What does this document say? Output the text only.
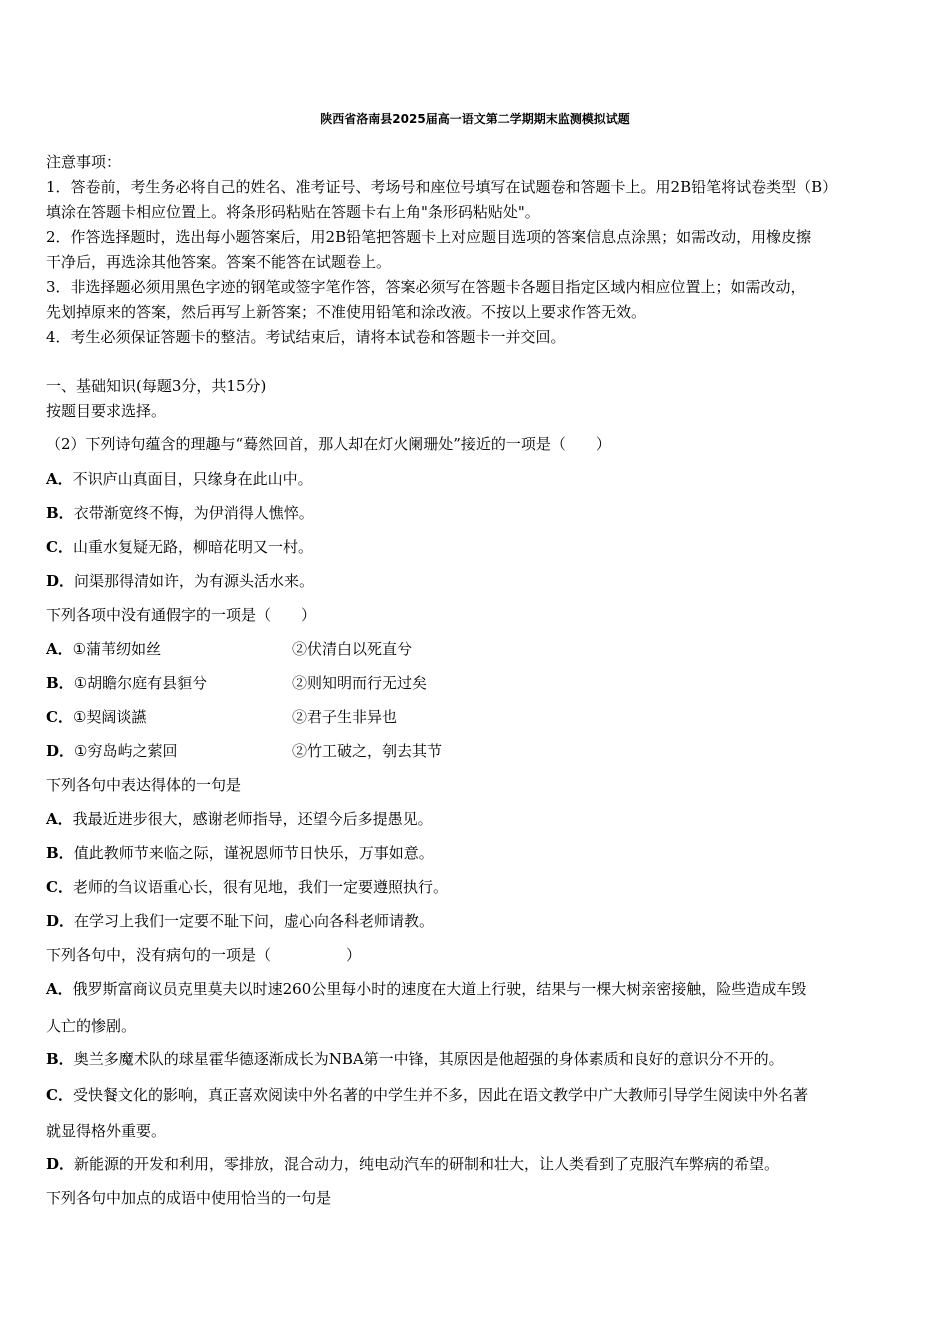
陕西省洛南县2025届高一语文第二学期期末监测模拟试题
注意事项：
1．答卷前，考生务必将自己的姓名、准考证号、考场号和座位号填写在试题卷和答题卡上。用2B铅笔将试卷类型（B）
填涂在答题卡相应位置上。将条形码粘贴在答题卡右上角"条形码粘贴处"。
2．作答选择题时，选出每小题答案后，用2B铅笔把答题卡上对应题目选项的答案信息点涂黑；如需改动，用橡皮擦
干净后，再选涂其他答案。答案不能答在试题卷上。
3．非选择题必须用黑色字迹的钢笔或签字笔作答，答案必须写在答题卡各题目指定区域内相应位置上；如需改动，
先划掉原来的答案，然后再写上新答案；不准使用铅笔和涂改液。不按以上要求作答无效。
4．考生必须保证答题卡的整洁。考试结束后，请将本试卷和答题卡一并交回。
一、基础知识(每题3分，共15分)
按题目要求选择。
（2）下列诗句蕴含的理趣与“蓦然回首，那人却在灯火阑珊处”接近的一项是（　　）
A．不识庐山真面目，只缘身在此山中。
B．衣带渐宽终不悔，为伊消得人憔悴。
C．山重水复疑无路，柳暗花明又一村。
D．问渠那得清如许，为有源头活水来。
下列各项中没有通假字的一项是（　　）
A．①蒲苇纫如丝	②伏清白以死直兮
B．①胡瞻尔庭有县貆兮	②则知明而行无过矣
C．①契阔谈讌	②君子生非异也
D．①穷岛屿之萦回	②竹工破之，刳去其节
下列各句中表达得体的一句是
A．我最近进步很大，感谢老师指导，还望今后多提愚见。
B．值此教师节来临之际，谨祝恩师节日快乐，万事如意。
C．老师的刍议语重心长，很有见地，我们一定要遵照执行。
D．在学习上我们一定要不耻下问，虚心向各科老师请教。
下列各句中，没有病句的一项是（　　　　　）
A．俄罗斯富商议员克里莫夫以时速260公里每小时的速度在大道上行驶，结果与一棵大树亲密接触，险些造成车毁
人亡的惨剧。
B．奥兰多魔术队的球星霍华德逐渐成长为NBA第一中锋，其原因是他超强的身体素质和良好的意识分不开的。
C．受快餐文化的影响，真正喜欢阅读中外名著的中学生并不多，因此在语文教学中广大教师引导学生阅读中外名著
就显得格外重要。
D．新能源的开发和利用，零排放，混合动力，纯电动汽车的研制和壮大，让人类看到了克服汽车弊病的希望。
下列各句中加点的成语中使用恰当的一句是
